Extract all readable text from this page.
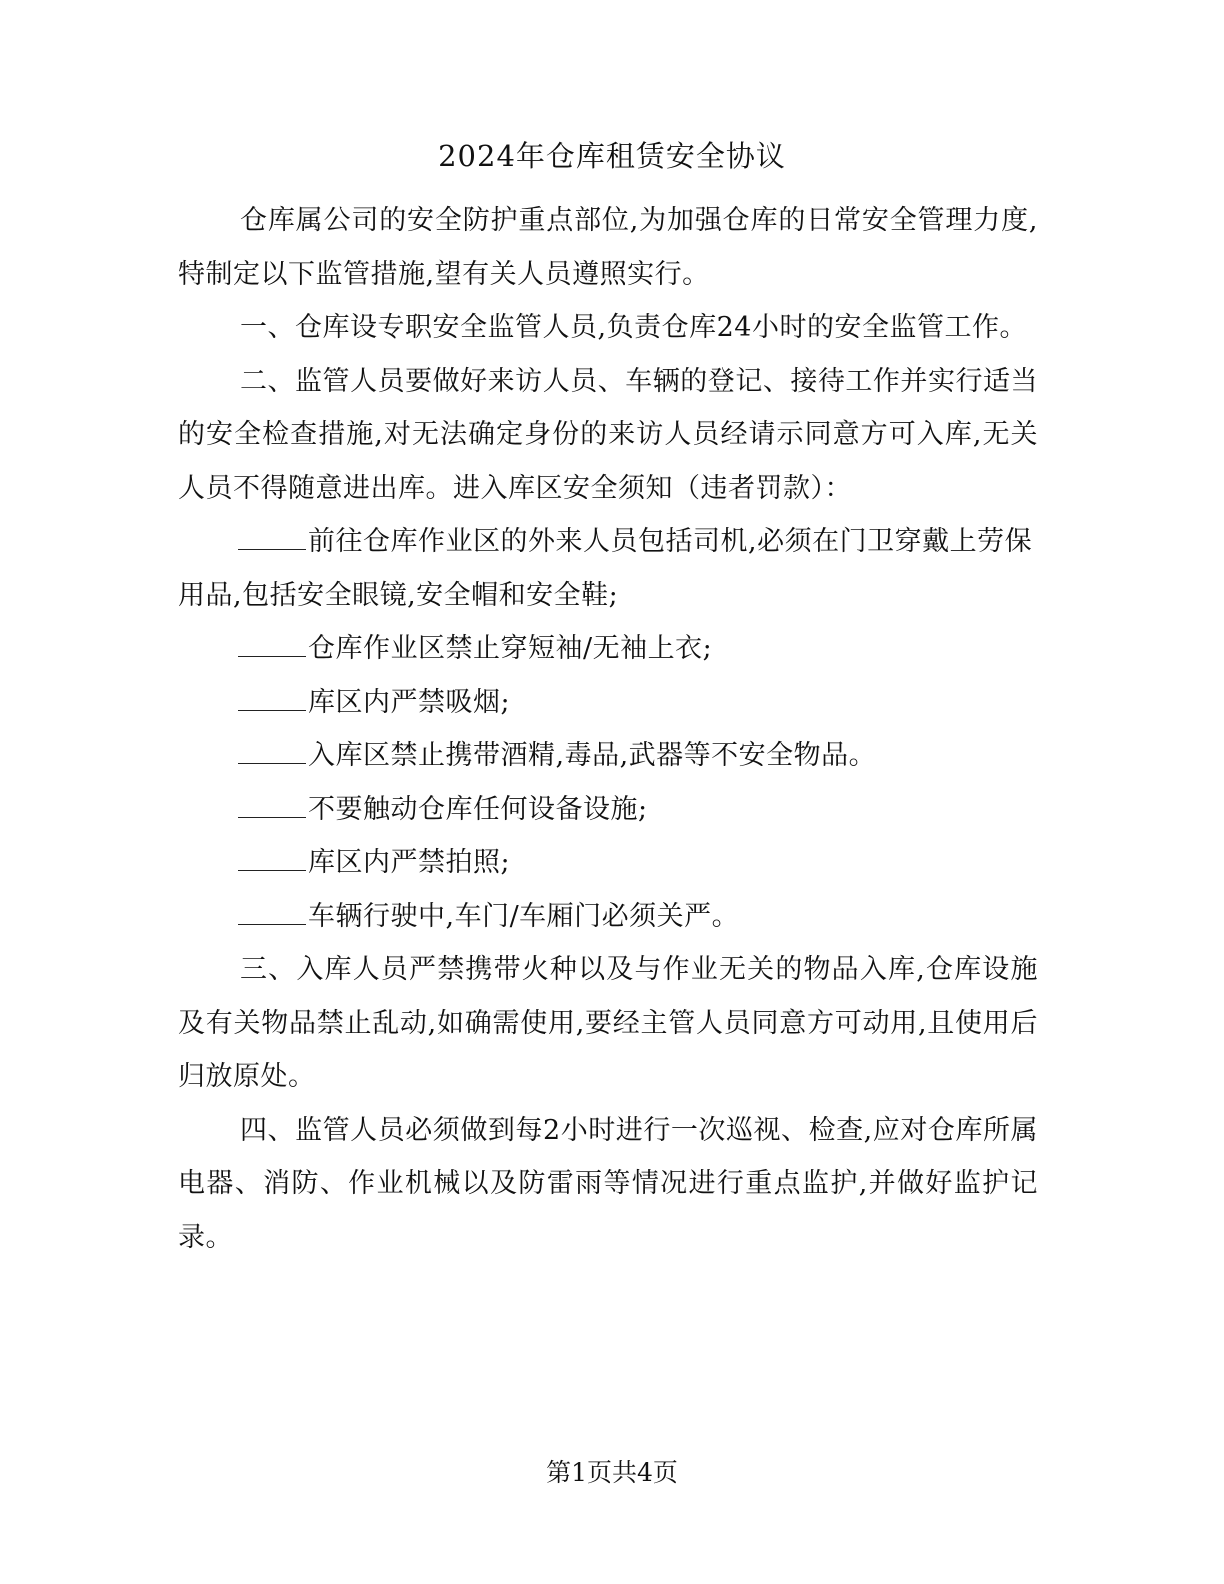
2024年仓库租赁安全协议

仓库属公司的安全防护重点部位,为加强仓库的日常安全管理力度,特制定以下监管措施,望有关人员遵照实行。

一、仓库设专职安全监管人员,负责仓库24小时的安全监管工作。

二、监管人员要做好来访人员、车辆的登记、接待工作并实行适当的安全检查措施,对无法确定身份的来访人员经请示同意方可入库,无关人员不得随意进出库。进入库区安全须知（违者罚款）：

前往仓库作业区的外来人员包括司机,必须在门卫穿戴上劳保用品,包括安全眼镜,安全帽和安全鞋;

仓库作业区禁止穿短袖/无袖上衣;

库区内严禁吸烟;

入库区禁止携带酒精,毒品,武器等不安全物品。

不要触动仓库任何设备设施;

库区内严禁拍照;

车辆行驶中,车门/车厢门必须关严。

三、入库人员严禁携带火种以及与作业无关的物品入库,仓库设施及有关物品禁止乱动,如确需使用,要经主管人员同意方可动用,且使用后归放原处。

四、监管人员必须做到每2小时进行一次巡视、检查,应对仓库所属电器、消防、作业机械以及防雷雨等情况进行重点监护,并做好监护记录。

第1页共4页
